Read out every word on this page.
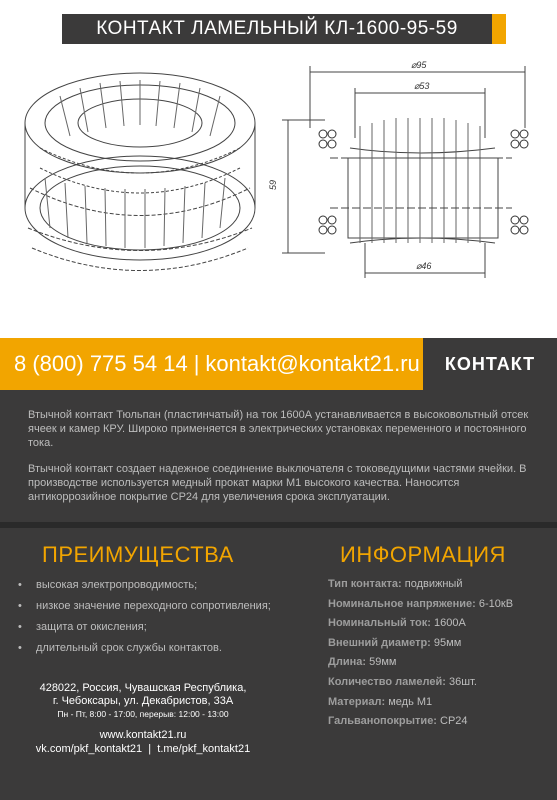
КОНТАКТ ЛАМЕЛЬНЫЙ КЛ-1600-95-59
⌀95
⌀53
⌀46
59
8 (800) 775 54 14 | kontakt@kontakt21.ru КОНТАКТ

Втычной контакт Тюльпан (пластинчатый) на ток 1600А устанавливается в высоковольтный отсек ячеек и камер КРУ. Широко применяется в электрических установках переменного и постоянного тока.

Втычной контакт создает надежное соединение выключателя с токоведущими частями ячейки. В производстве используется медный прокат марки М1 высокого качества. Наносится антикоррозийное покрытие СР24 для увеличения срока эксплуатации.

ПРЕИМУЩЕСТВА
• высокая электропроводимость;
• низкое значение переходного сопротивления;
• защита от окисления;
• длительный срок службы контактов.
428022, Россия, Чувашская Республика,
г. Чебоксары, ул. Декабристов, 33А
Пн - Пт, 8:00 - 17:00, перерыв: 12:00 - 13:00
www.kontakt21.ru
vk.com/pkf_kontakt21 | t.me/pkf_kontakt21
ИНФОРМАЦИЯ
Тип контакта: подвижный
Номинальное напряжение: 6-10кВ
Номинальный ток: 1600А
Внешний диаметр: 95мм
Длина: 59мм
Количество ламелей: 36шт.
Материал: медь М1
Гальванопокрытие: СР24
